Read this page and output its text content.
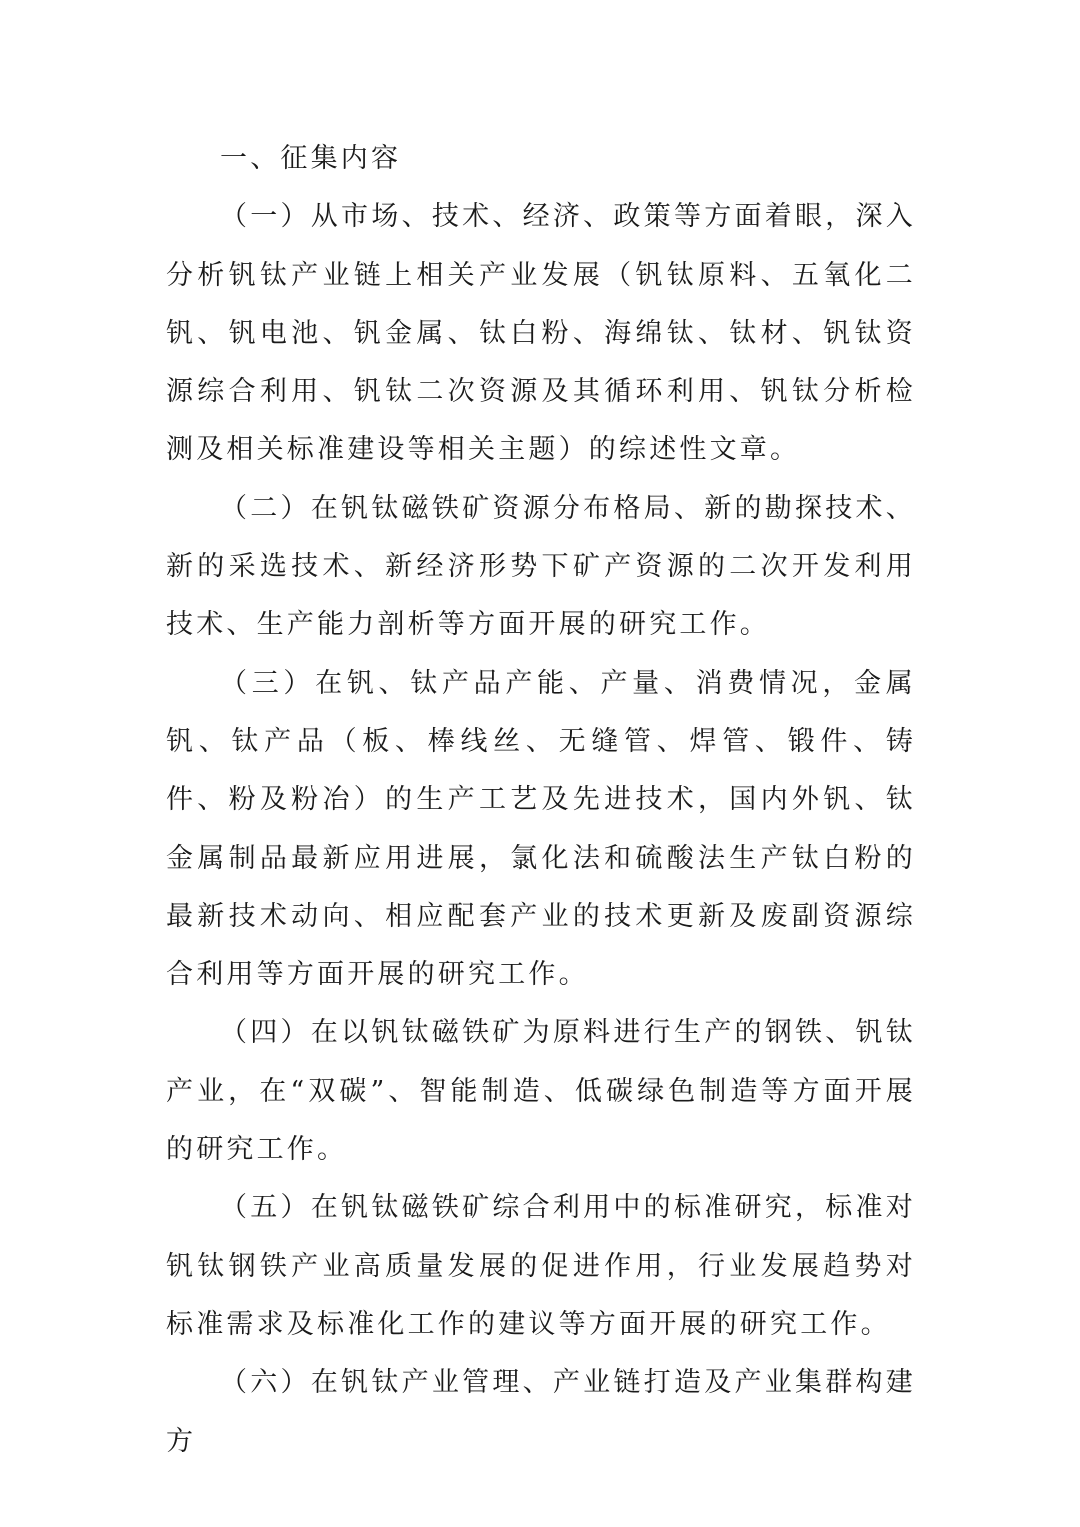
一、征集内容

（一）从市场、技术、经济、政策等方面着眼，深入分析钒钛产业链上相关产业发展（钒钛原料、五氧化二钒、钒电池、钒金属、钛白粉、海绵钛、钛材、钒钛资源综合利用、钒钛二次资源及其循环利用、钒钛分析检测及相关标准建设等相关主题）的综述性文章。

（二）在钒钛磁铁矿资源分布格局、新的勘探技术、新的采选技术、新经济形势下矿产资源的二次开发利用技术、生产能力剖析等方面开展的研究工作。

（三）在钒、钛产品产能、产量、消费情况，金属钒、钛产品（板、棒线丝、无缝管、焊管、锻件、铸件、粉及粉冶）的生产工艺及先进技术，国内外钒、钛金属制品最新应用进展，氯化法和硫酸法生产钛白粉的最新技术动向、相应配套产业的技术更新及废副资源综合利用等方面开展的研究工作。

（四）在以钒钛磁铁矿为原料进行生产的钢铁、钒钛产业，在“双碳”、智能制造、低碳绿色制造等方面开展的研究工作。

（五）在钒钛磁铁矿综合利用中的标准研究，标准对钒钛钢铁产业高质量发展的促进作用，行业发展趋势对标准需求及标准化工作的建议等方面开展的研究工作。

（六）在钒钛产业管理、产业链打造及产业集群构建方
